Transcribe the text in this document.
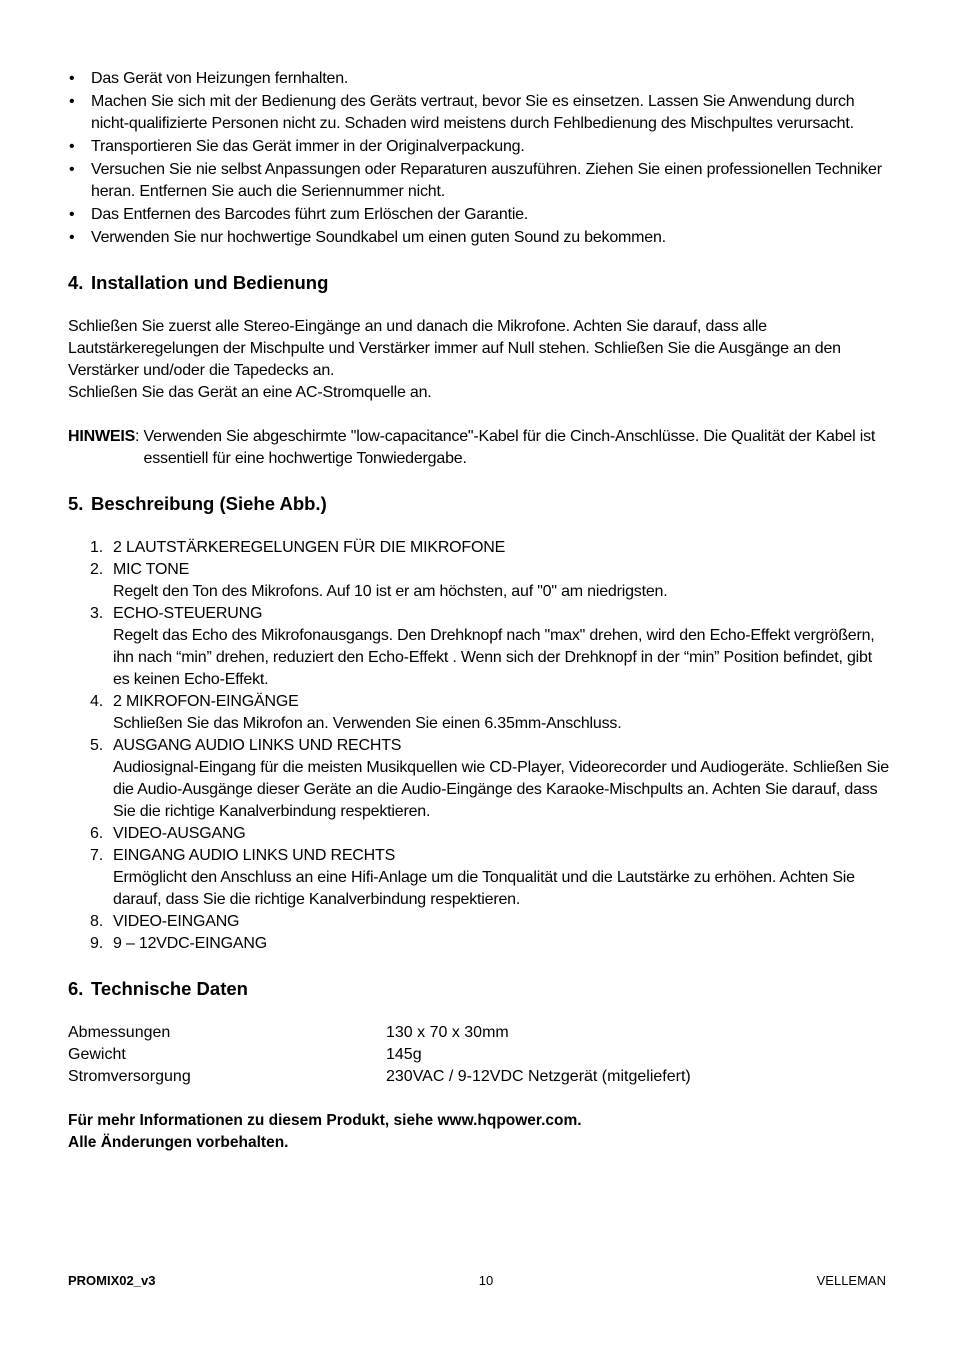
• Das Gerät von Heizungen fernhalten.
• Machen Sie sich mit der Bedienung des Geräts vertraut, bevor Sie es einsetzen. Lassen Sie Anwendung durch nicht-qualifizierte Personen nicht zu. Schaden wird meistens durch Fehlbedienung des Mischpultes verursacht.
• Transportieren Sie das Gerät immer in der Originalverpackung.
• Versuchen Sie nie selbst Anpassungen oder Reparaturen auszuführen. Ziehen Sie einen professionellen Techniker heran. Entfernen Sie auch die Seriennummer nicht.
• Das Entfernen des Barcodes führt zum Erlöschen der Garantie.
• Verwenden Sie nur hochwertige Soundkabel um einen guten Sound zu bekommen.
4. Installation und Bedienung

Schließen Sie zuerst alle Stereo-Eingänge an und danach die Mikrofone. Achten Sie darauf, dass alle Lautstärkeregelungen der Mischpulte und Verstärker immer auf Null stehen. Schließen Sie die Ausgänge an den Verstärker und/oder die Tapedecks an.

Schließen Sie das Gerät an eine AC-Stromquelle an.

HINWEIS : Verwenden Sie abgeschirmte "low-capacitance"-Kabel für die Cinch-Anschlüsse. Die Qualität der Kabel ist essentiell für eine hochwertige Tonwiedergabe.
5. Beschreibung (Siehe Abb.)
1. 2 LAUTSTÄRKEREGELUNGEN FÜR DIE MIKROFONE
2. MIC TONE
Regelt den Ton des Mikrofons. Auf 10 ist er am höchsten, auf "0" am niedrigsten.
3. ECHO-STEUERUNG
Regelt das Echo des Mikrofonausgangs. Den Drehknopf nach "max" drehen, wird den Echo-Effekt vergrößern, ihn nach “min” drehen, reduziert den Echo-Effekt . Wenn sich der Drehknopf in der “min” Position befindet, gibt es keinen Echo-Effekt.
4. 2 MIKROFON-EINGÄNGE
Schließen Sie das Mikrofon an. Verwenden Sie einen 6.35mm-Anschluss.
5. AUSGANG AUDIO LINKS UND RECHTS
Audiosignal-Eingang für die meisten Musikquellen wie CD-Player, Videorecorder und Audiogeräte. Schließen Sie die Audio-Ausgänge dieser Geräte an die Audio-Eingänge des Karaoke-Mischpults an. Achten Sie darauf, dass Sie die richtige Kanalverbindung respektieren.
6. VIDEO-AUSGANG
7. EINGANG AUDIO LINKS UND RECHTS
Ermöglicht den Anschluss an eine Hifi-Anlage um die Tonqualität und die Lautstärke zu erhöhen. Achten Sie darauf, dass Sie die richtige Kanalverbindung respektieren.
8. VIDEO-EINGANG
9. 9 – 12VDC-EINGANG
6. Technische Daten
Abmessungen	130 x 70 x 30mm
Gewicht	145g
Stromversorgung	230VAC / 9-12VDC Netzgerät (mitgeliefert)
Für mehr Informationen zu diesem Produkt, siehe www.hqpower.com.
Alle Änderungen vorbehalten.
PROMIX02_v3	10	VELLEMAN
